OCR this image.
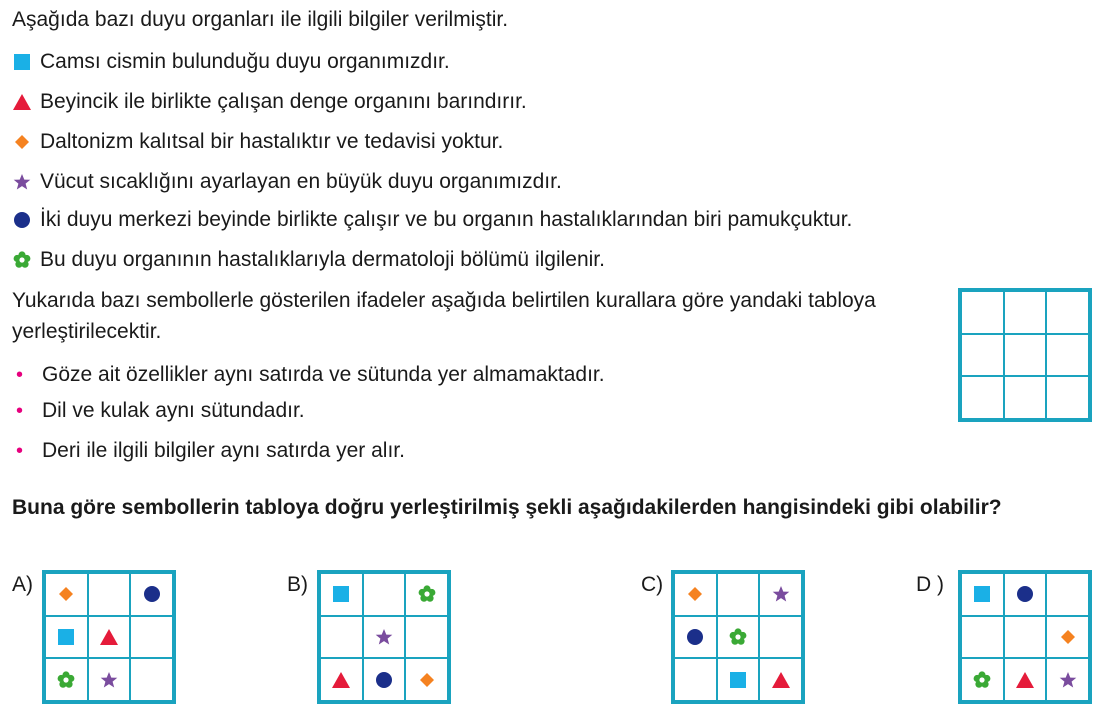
Aşağıda bazı duyu organları ile ilgili bilgiler verilmiştir.
Camsı cismin bulunduğu duyu organımızdır.
Beyincik ile birlikte çalışan denge organını barındırır.
Daltonizm kalıtsal bir hastalıktır ve tedavisi yoktur.
Vücut sıcaklığını ayarlayan en büyük duyu organımızdır.
İki duyu merkezi beyinde birlikte çalışır ve bu organın hastalıklarından biri pamukçuktur.
Bu duyu organının hastalıklarıyla dermatoloji bölümü ilgilenir.
Yukarıda bazı sembollerle gösterilen ifadeler aşağıda belirtilen kurallara göre yandaki tabloya yerleştirilecektir.
• Göze ait özellikler aynı satırda ve sütunda yer almamaktadır.
• Dil ve kulak aynı sütundadır.
• Deri ile ilgili bilgiler aynı satırda yer alır.
Buna göre sembollerin tabloya doğru yerleştirilmiş şekli aşağıdakilerden hangisindeki gibi olabilir?
A)	B)	C)	D )
